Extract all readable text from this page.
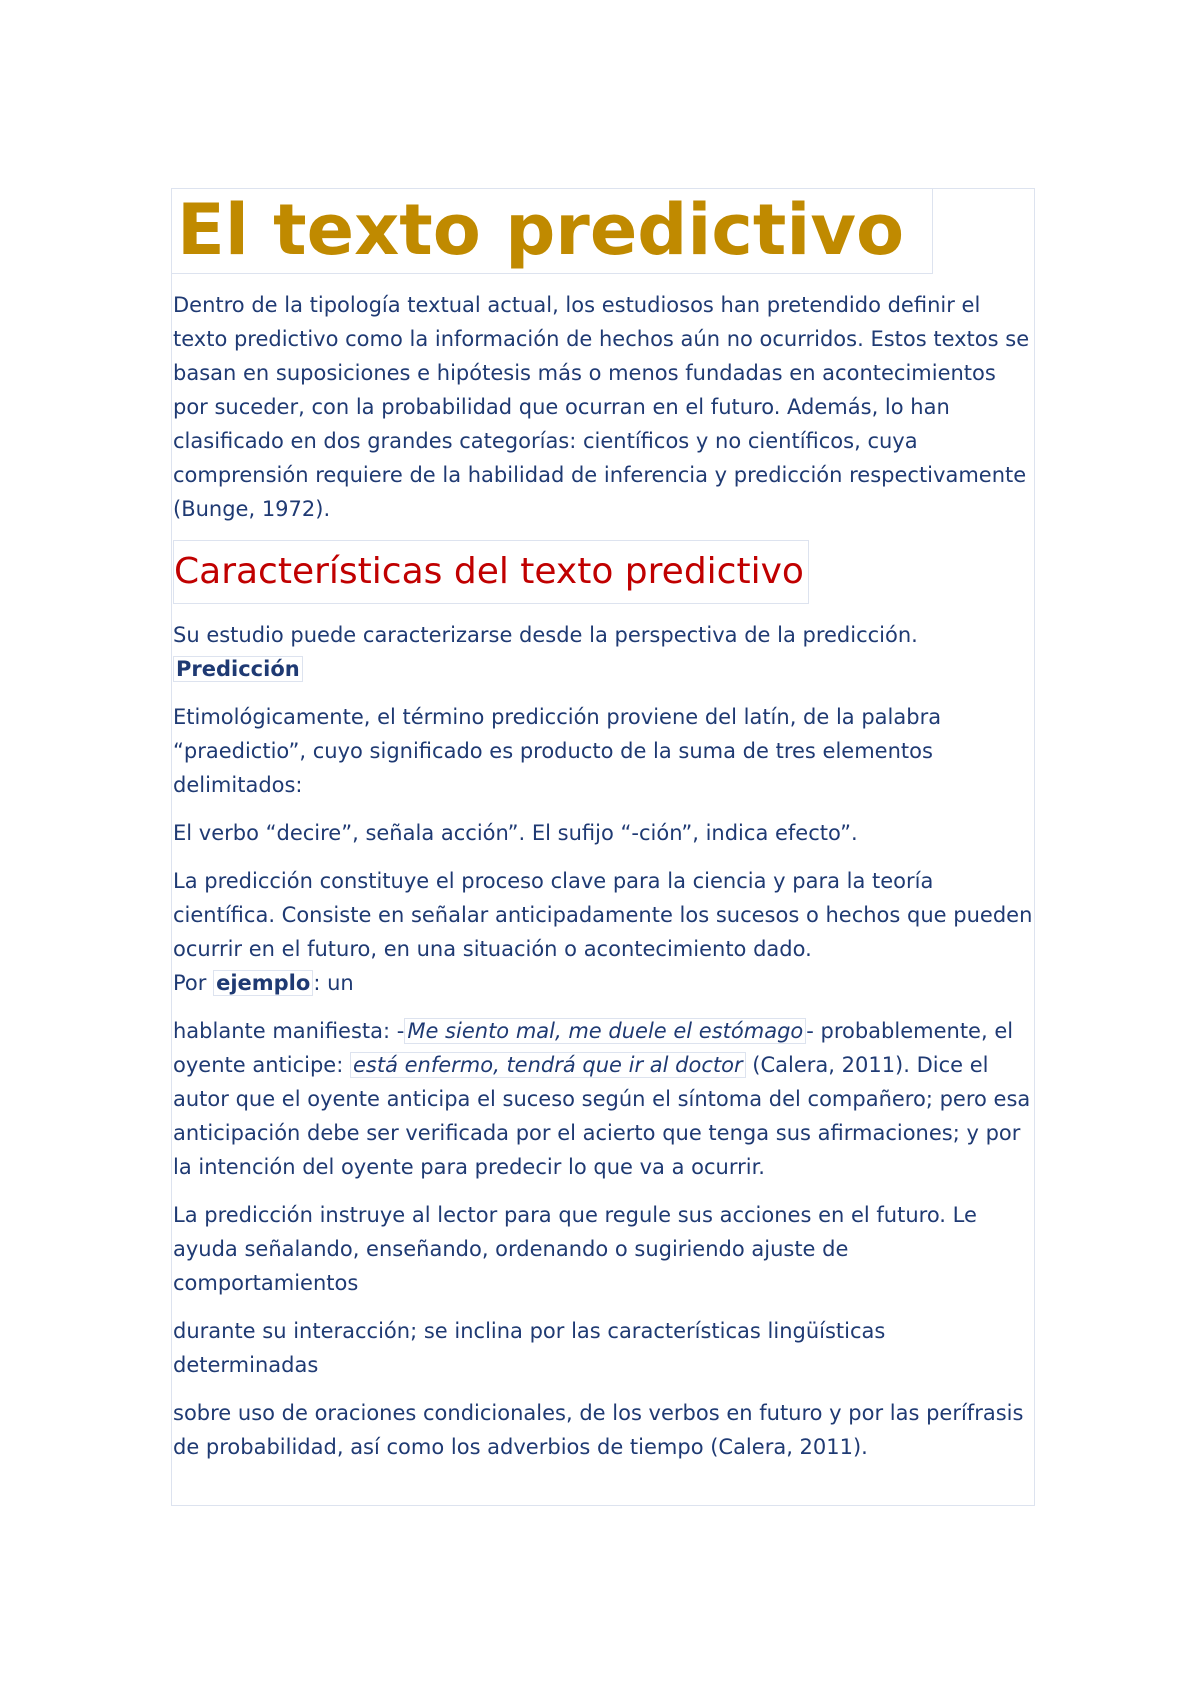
El texto predictivo

Dentro de la tipología textual actual, los estudiosos han pretendido definir el texto predictivo como la información de hechos aún no ocurridos. Estos textos se basan en suposiciones e hipótesis más o menos fundadas en acontecimientos por suceder, con la probabilidad que ocurran en el futuro. Además, lo han clasificado en dos grandes categorías: científicos y no científicos, cuya comprensión requiere de la habilidad de inferencia y predicción respectivamente (Bunge, 1972).

Características del texto predictivo

Su estudio puede caracterizarse desde la perspectiva de la predicción. Predicción

Etimológicamente, el término predicción proviene del latín, de la palabra “praedictio”, cuyo significado es producto de la suma de tres elementos delimitados:

El verbo “decire”, señala acción”. El sufijo “-ción”, indica efecto”.

La predicción constituye el proceso clave para la ciencia y para la teoría científica. Consiste en señalar anticipadamente los sucesos o hechos que pueden ocurrir en el futuro, en una situación o acontecimiento dado.
Por ejemplo : un

hablante manifiesta: - Me siento mal, me duele el estómago - probablemente, el oyente anticipe: está enfermo, tendrá que ir al doctor (Calera, 2011). Dice el autor que el oyente anticipa el suceso según el síntoma del compañero; pero esa anticipación debe ser verificada por el acierto que tenga sus afirmaciones; y por la intención del oyente para predecir lo que va a ocurrir.

La predicción instruye al lector para que regule sus acciones en el futuro. Le ayuda señalando, enseñando, ordenando o sugiriendo ajuste de comportamientos

durante su interacción; se inclina por las características lingüísticas determinadas

sobre uso de oraciones condicionales, de los verbos en futuro y por las perífrasis de probabilidad, así como los adverbios de tiempo (Calera, 2011).
